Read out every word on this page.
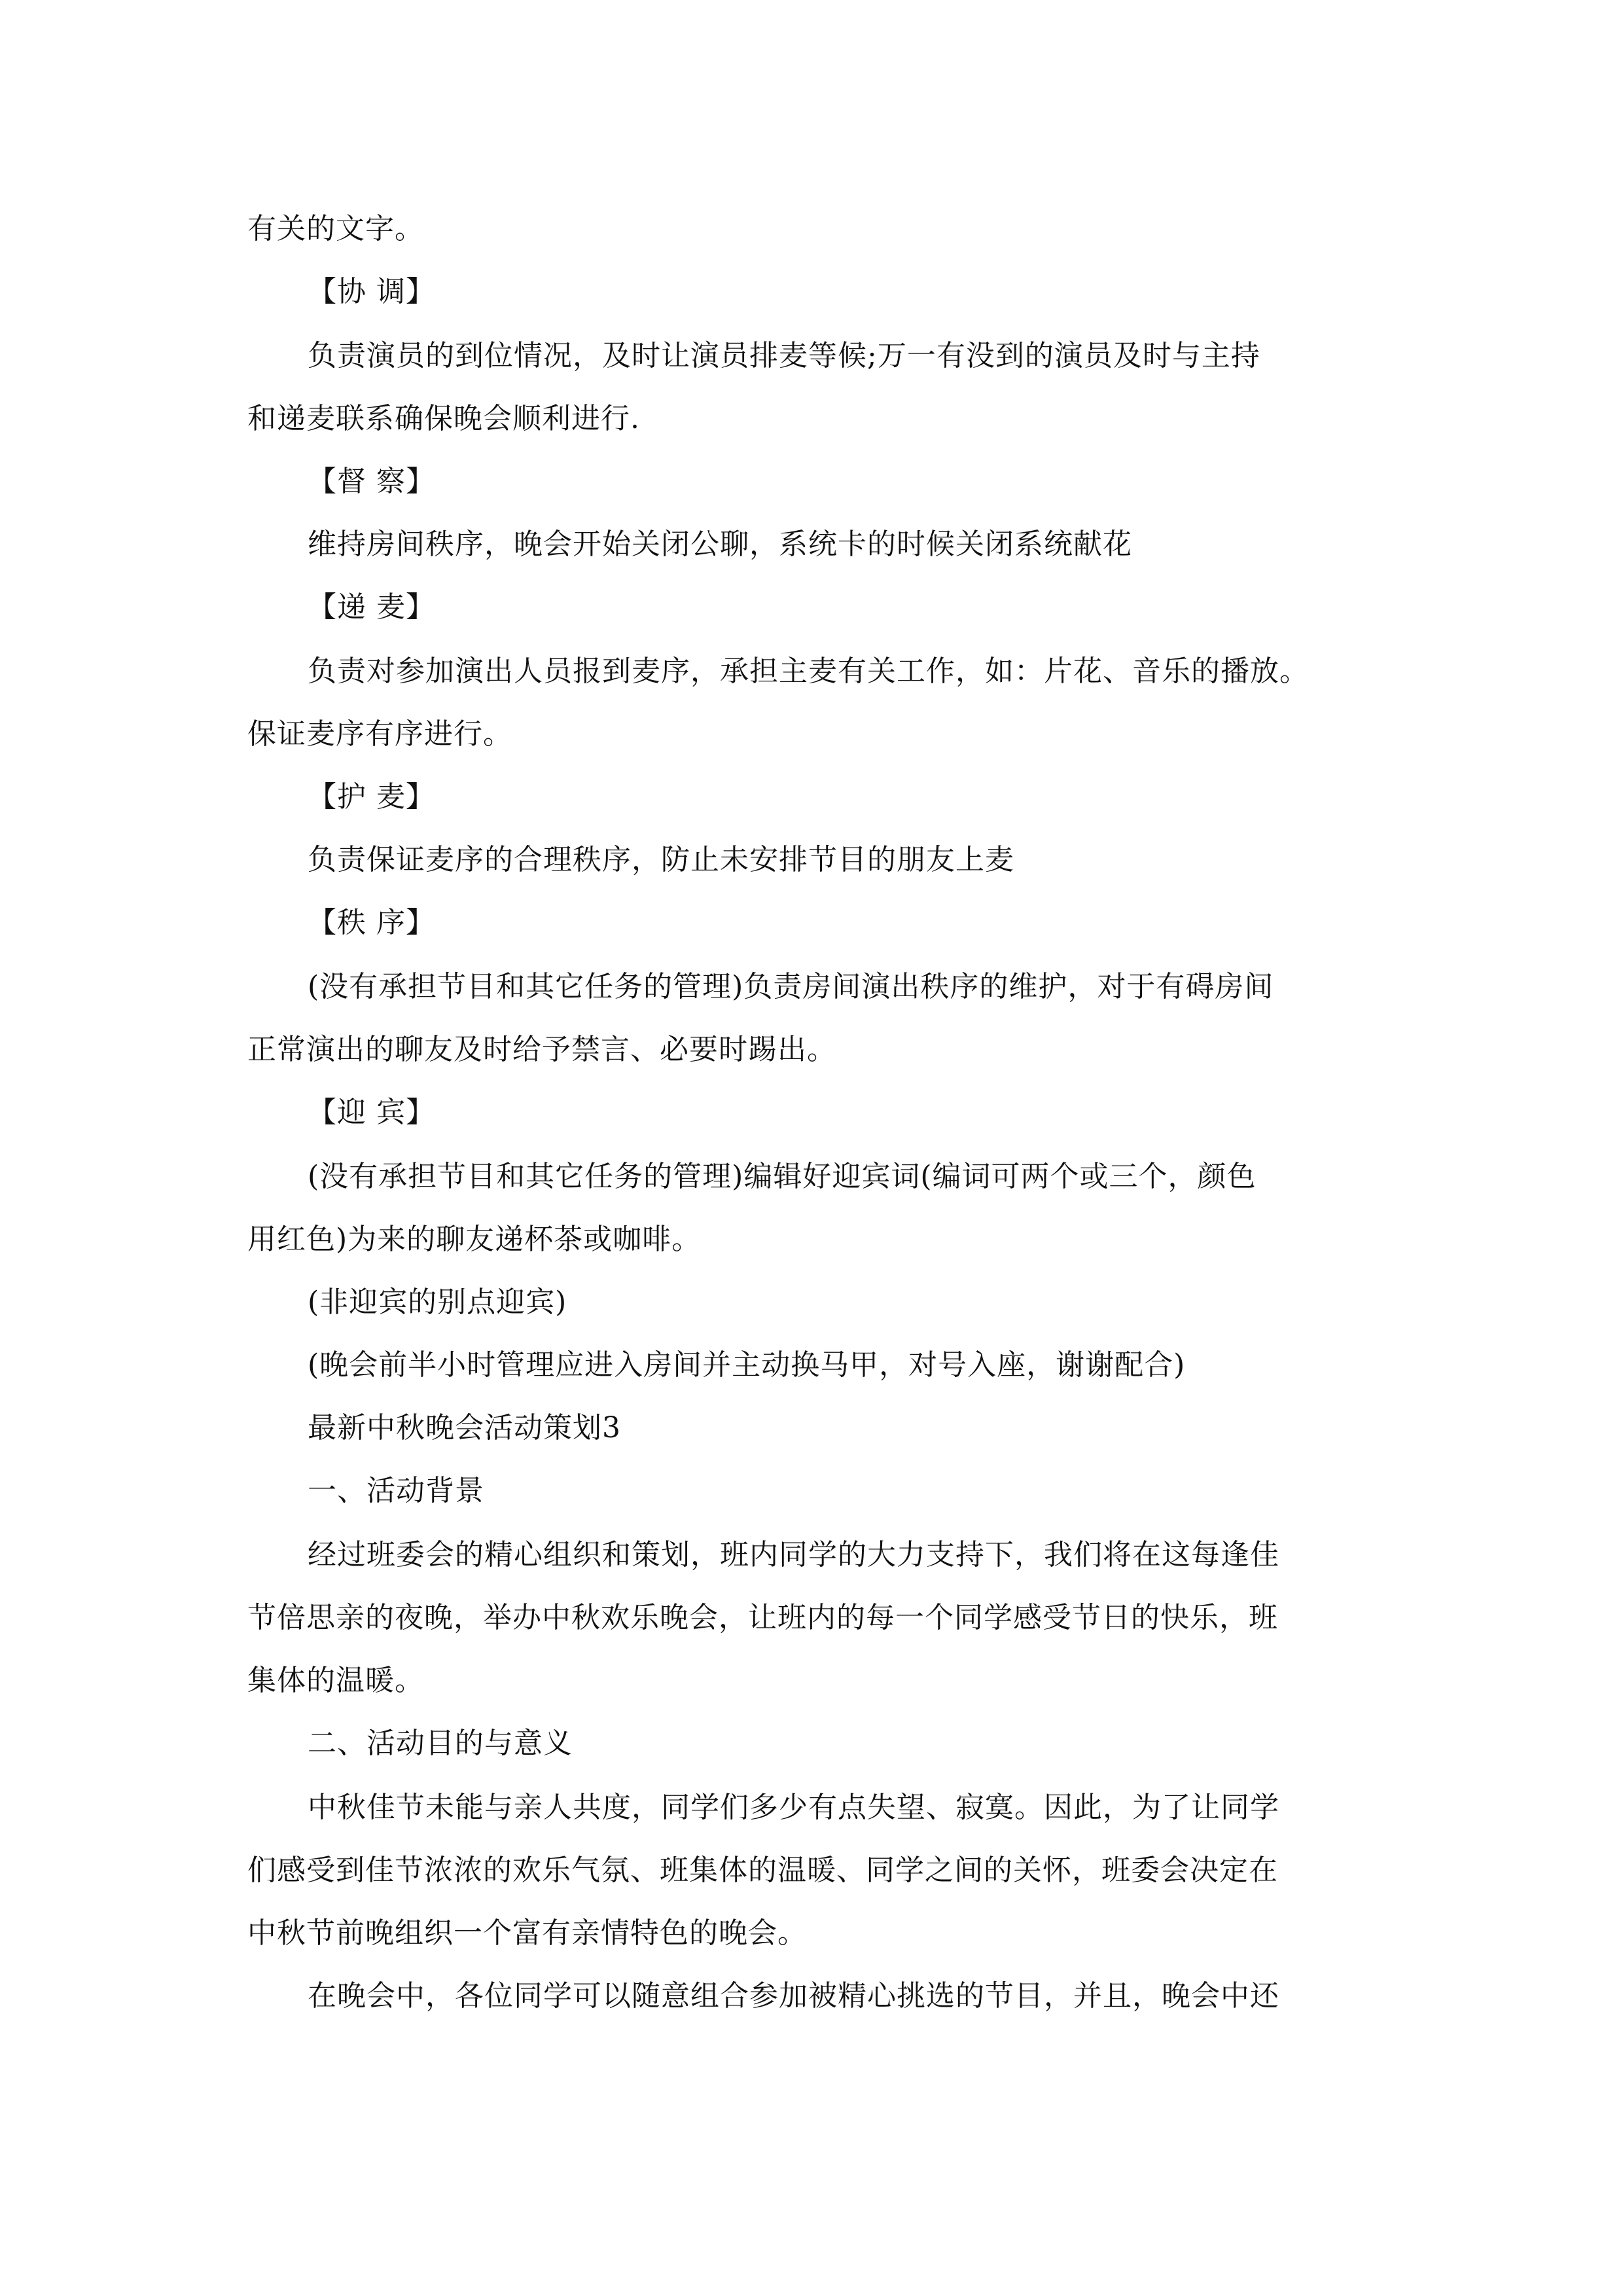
有关的文字。
【协 调】
负责演员的到位情况，及时让演员排麦等候;万一有没到的演员及时与主持
和递麦联系确保晚会顺利进行.
【督 察】
维持房间秩序，晚会开始关闭公聊，系统卡的时候关闭系统献花
【递 麦】
负责对参加演出人员报到麦序，承担主麦有关工作，如：片花、音乐的播放。
保证麦序有序进行。
【护 麦】
负责保证麦序的合理秩序，防止未安排节目的朋友上麦
【秩 序】
(没有承担节目和其它任务的管理)负责房间演出秩序的维护，对于有碍房间
正常演出的聊友及时给予禁言、必要时踢出。
【迎 宾】
(没有承担节目和其它任务的管理)编辑好迎宾词(编词可两个或三个，颜色
用红色)为来的聊友递杯茶或咖啡。
(非迎宾的别点迎宾)
(晚会前半小时管理应进入房间并主动换马甲，对号入座，谢谢配合)
最新中秋晚会活动策划3
一、活动背景
经过班委会的精心组织和策划，班内同学的大力支持下，我们将在这每逢佳
节倍思亲的夜晚，举办中秋欢乐晚会，让班内的每一个同学感受节日的快乐，班
集体的温暖。
二、活动目的与意义
中秋佳节未能与亲人共度，同学们多少有点失望、寂寞。因此，为了让同学
们感受到佳节浓浓的欢乐气氛、班集体的温暖、同学之间的关怀，班委会决定在
中秋节前晚组织一个富有亲情特色的晚会。
在晚会中，各位同学可以随意组合参加被精心挑选的节目，并且，晚会中还
